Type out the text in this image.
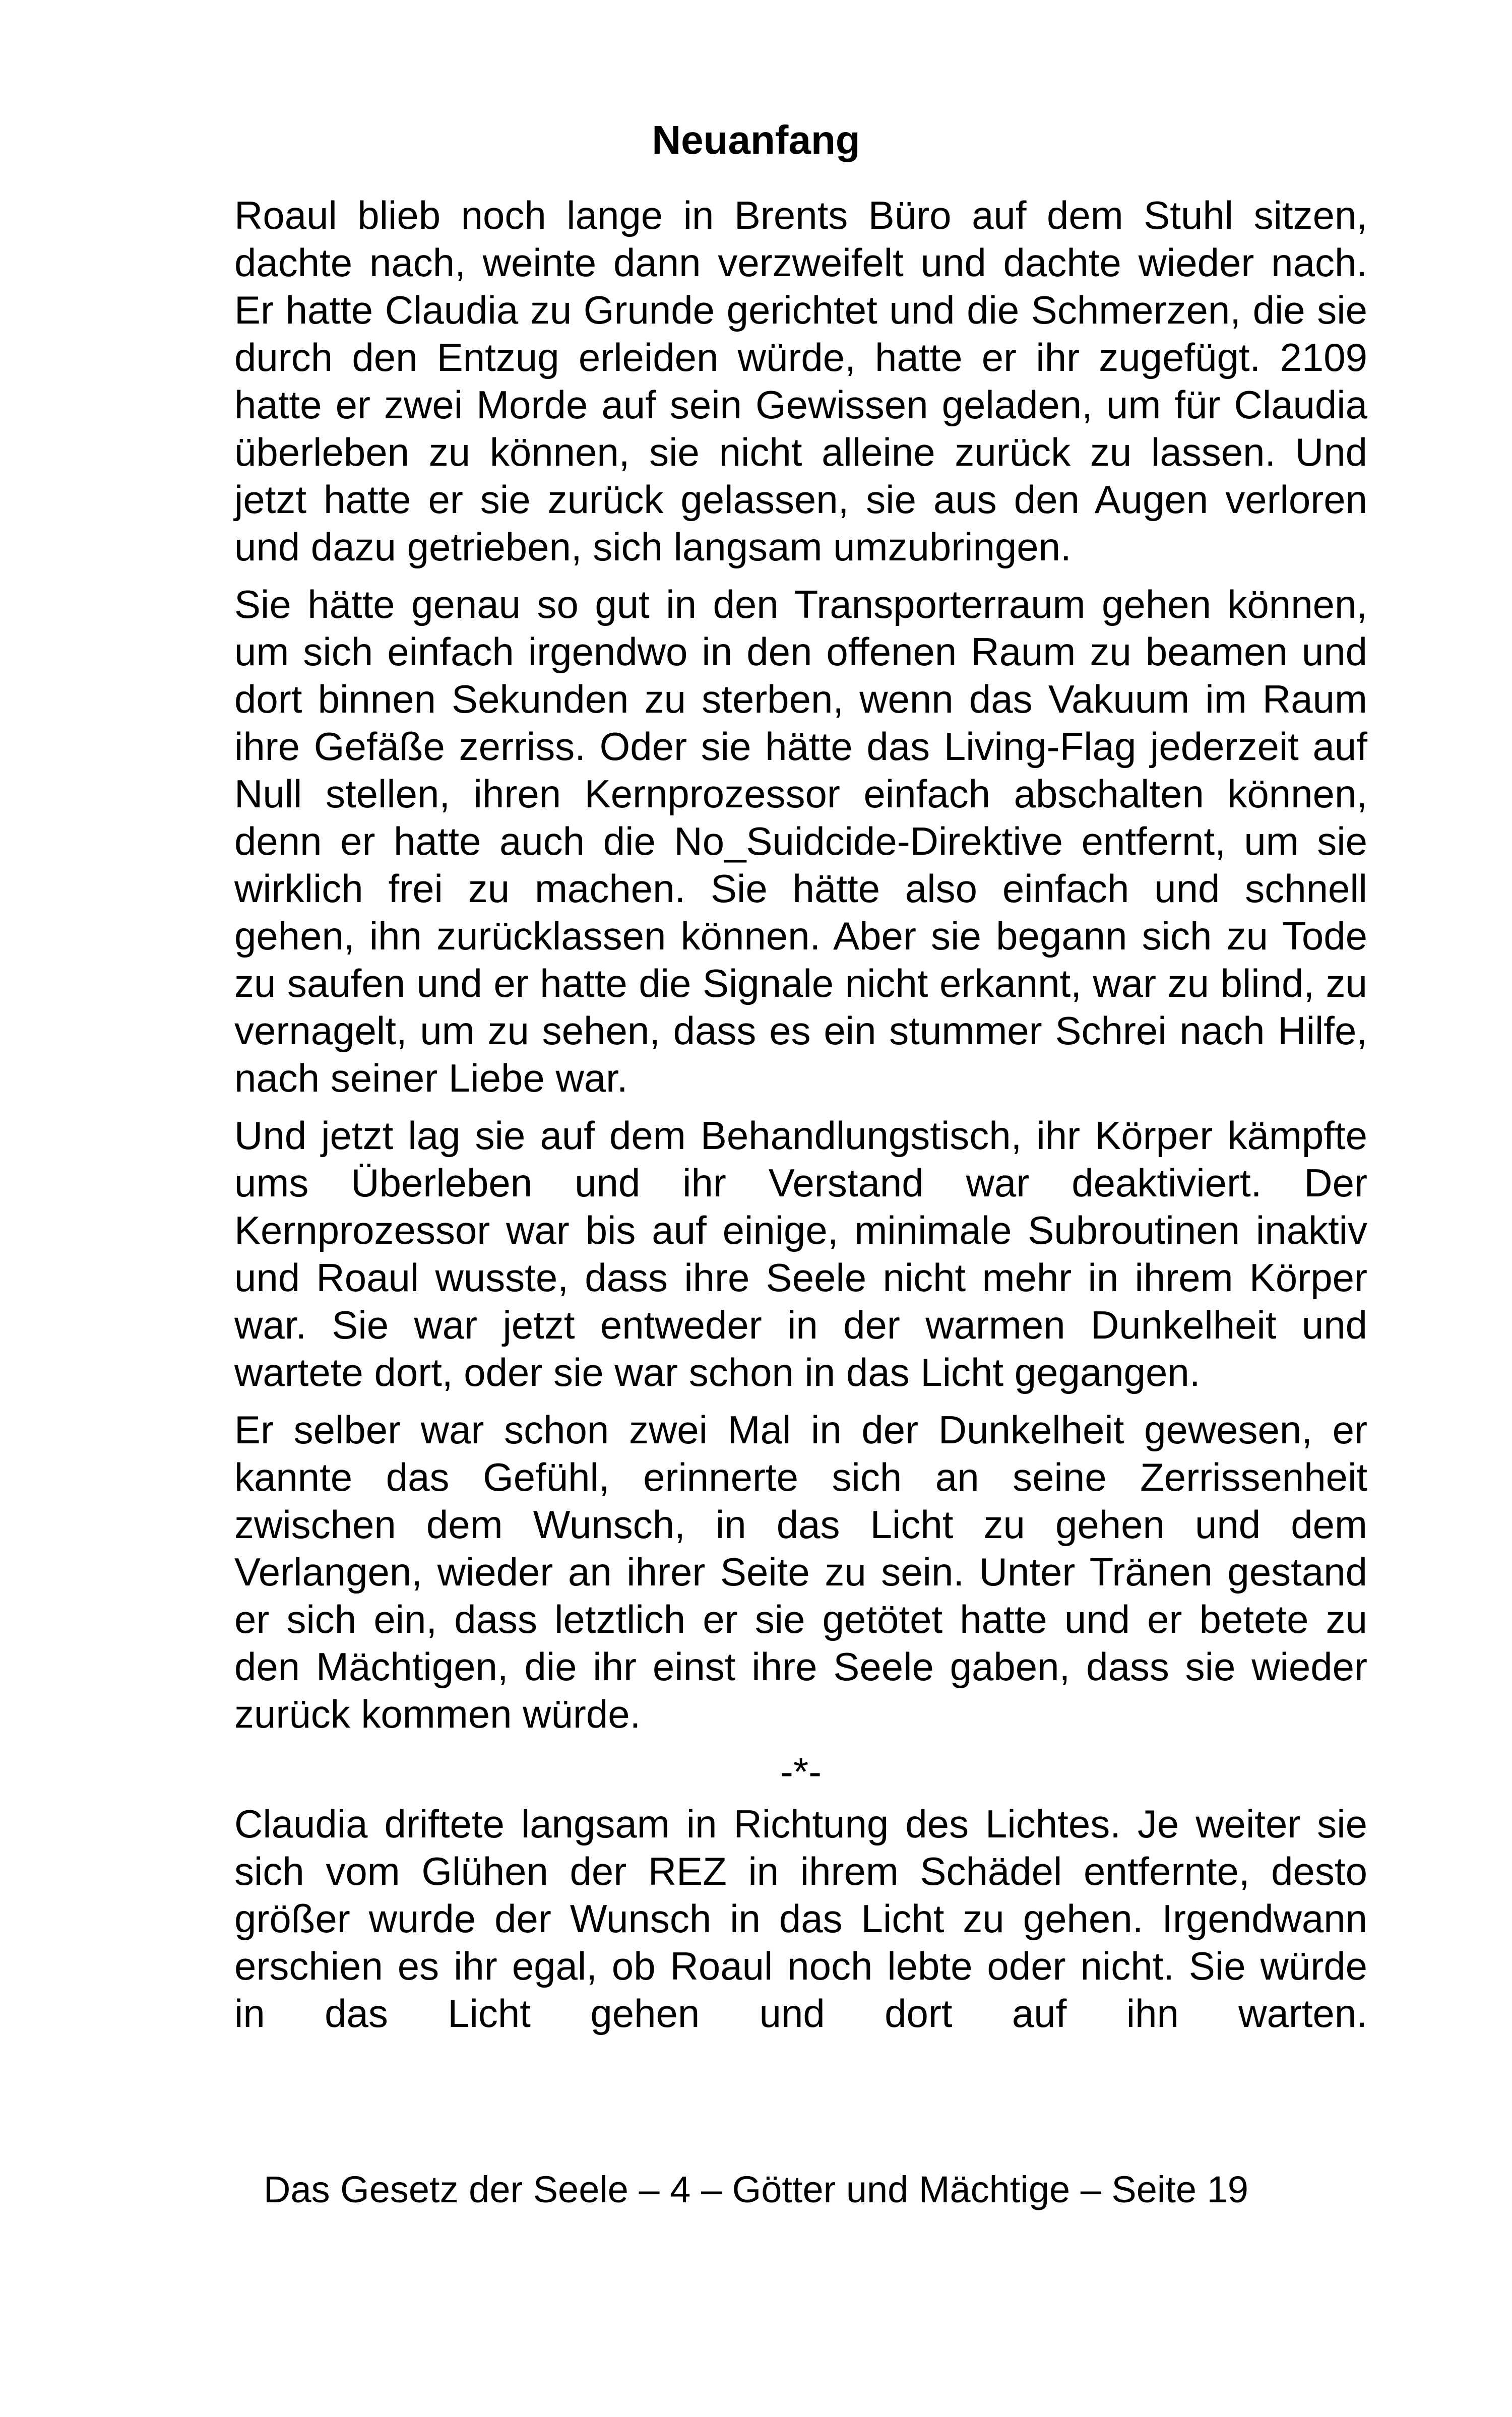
Neuanfang

Roaul blieb noch lange in Brents Büro auf dem Stuhl sitzen, dachte nach, weinte dann verzweifelt und dachte wieder nach. Er hatte Claudia zu Grunde gerichtet und die Schmerzen, die sie durch den Entzug erleiden würde, hatte er ihr zugefügt. 2109 hatte er zwei Morde auf sein Gewissen geladen, um für Claudia überleben zu können, sie nicht alleine zurück zu lassen. Und jetzt hatte er sie zurück gelassen, sie aus den Augen verloren und dazu getrieben, sich langsam umzubringen.

Sie hätte genau so gut in den Transporterraum gehen können, um sich einfach irgendwo in den offenen Raum zu beamen und dort binnen Sekunden zu sterben, wenn das Vakuum im Raum ihre Gefäße zerriss. Oder sie hätte das Living-Flag jederzeit auf Null stellen, ihren Kernprozessor einfach abschalten können, denn er hatte auch die No_Suidcide-Direktive entfernt, um sie wirklich frei zu machen. Sie hätte also einfach und schnell gehen, ihn zurücklassen können. Aber sie begann sich zu Tode zu saufen und er hatte die Signale nicht erkannt, war zu blind, zu vernagelt, um zu sehen, dass es ein stummer Schrei nach Hilfe, nach seiner Liebe war.

Und jetzt lag sie auf dem Behandlungstisch, ihr Körper kämpfte ums Überleben und ihr Verstand war deaktiviert. Der Kernprozessor war bis auf einige, minimale Subroutinen inaktiv und Roaul wusste, dass ihre Seele nicht mehr in ihrem Körper war. Sie war jetzt entweder in der warmen Dunkelheit und wartete dort, oder sie war schon in das Licht gegangen.

Er selber war schon zwei Mal in der Dunkelheit gewesen, er kannte das Gefühl, erinnerte sich an seine Zerrissenheit zwischen dem Wunsch, in das Licht zu gehen und dem Verlangen, wieder an ihrer Seite zu sein. Unter Tränen gestand er sich ein, dass letztlich er sie getötet hatte und er betete zu den Mächtigen, die ihr einst ihre Seele gaben, dass sie wieder zurück kommen würde.

-*-

Claudia driftete langsam in Richtung des Lichtes. Je weiter sie sich vom Glühen der REZ in ihrem Schädel entfernte, desto größer wurde der Wunsch in das Licht zu gehen. Irgendwann erschien es ihr egal, ob Roaul noch lebte oder nicht. Sie würde in das Licht gehen und dort auf ihn warten.

Das Gesetz der Seele – 4 – Götter und Mächtige – Seite 19
